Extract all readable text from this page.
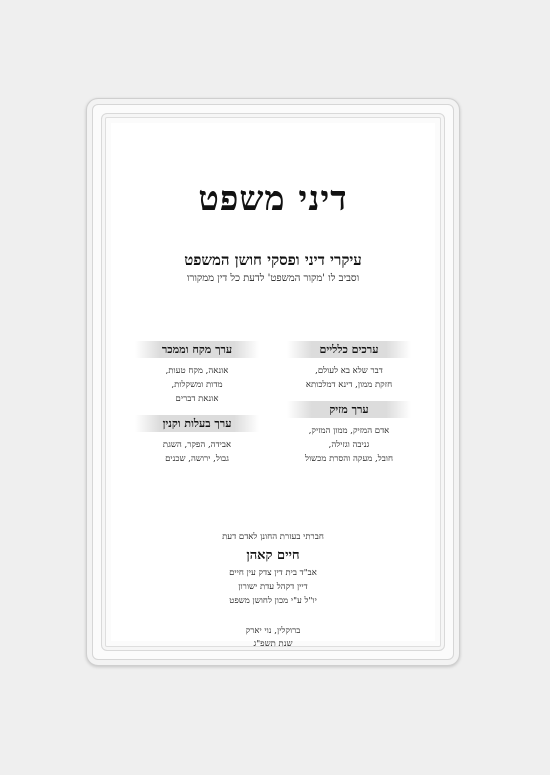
דיני משפט
עיקרי דיני ופסקי חושן המשפט
וסביב לו 'מקור המשפט' לדעת כל דין ממקורו
ערכים כלליים
דבר שלא בא לעולם,
חזקת ממון, דינא דמלכותא
ערך מקח וממכר
אונאה, מקח טעות,
מדות ומשקלות,
אונאת דברים
ערך מזיק
אדם המזיק, ממון המזיק,
גניבה וגזילה,
חובל, מעקה והסרת מכשול
ערך בעלות וקנין
אבידה, הפקר, השגת
גבול, ירושה, שכנים
חברתי בעזרת החונן לאדם דעת
חיים קאהן
אב"ד בית דין צדק עין חיים
דיין דקהל עדת ישורון
יו"ל ע"י מכון לחושן משפט
ברוקלין, נוי יארק
שנת תשפ"ג
